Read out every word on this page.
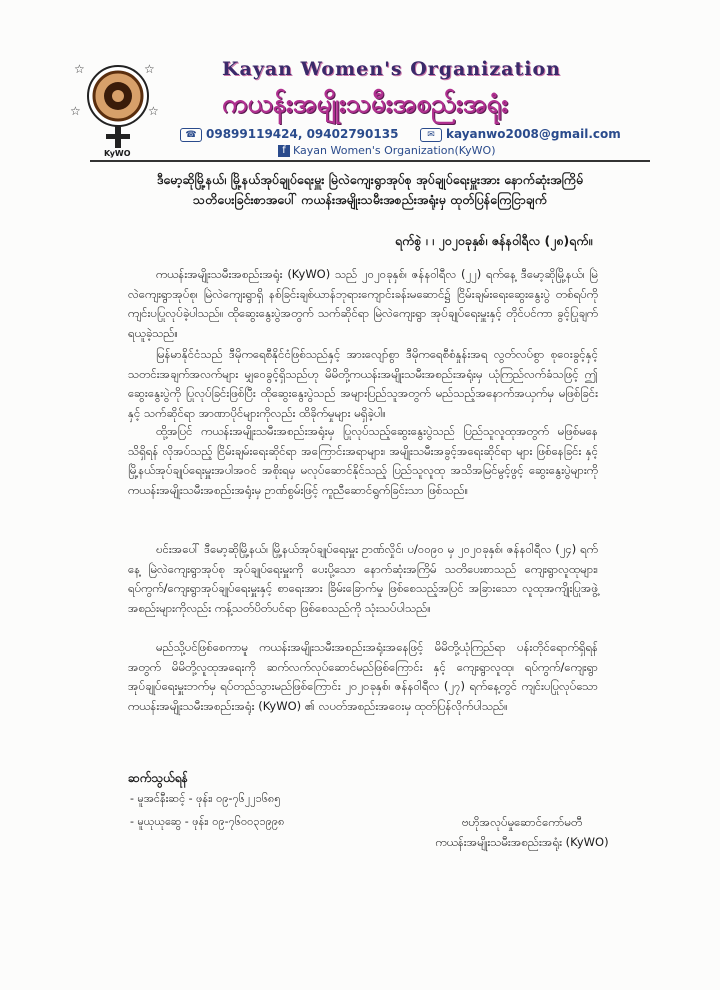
☆	☆
☆	☆
KyWO
Kayan Women's Organization
ကယန်းအမျိုးသမီးအစည်းအရုံး
☎ 09899119424, 09402790135	✉ kayanwo2008@gmail.com
f Kayan Women's Organization(KyWO)
ဒီမော့ဆိုမြို့နယ်၊ မြို့နယ်အုပ်ချုပ်ရေးမှူး မြဲလဲကျေးရွာအုပ်စု အုပ်ချုပ်ရေးမှူးအား နောက်ဆုံးအကြိမ်
သတိပေးခြင်းစာအပေါ် ကယန်းအမျိုးသမီးအစည်းအရုံးမှ ထုတ်ပြန်ကြေငြာချက်
ရက်စွဲ ၊ ၊ ၂၀၂၀ခုနှစ်၊ ဇန်နဝါရီလ (၂၈)ရက်။

ကယန်းအမျိုးသမီးအစည်းအရုံး (KyWO) သည် ၂၀၂၀ခုနှစ်၊ ဇန်နဝါရီလ (၂၂) ရက်နေ့ ဒီမော့ဆိုမြို့နယ်၊ မြဲလဲကျေးရွာအုပ်စု၊ မြဲလဲကျေးရွာရှိ နစ်ခြင်းချစ်ယာန်ဘုရားကျောင်းခန်းမဆောင်၌ ငြိမ်းချမ်းရေးဆွေးနွေးပွဲ တစ်ရပ်ကို ကျင်းပပြုလုပ်ခဲ့ပါသည်။ ထိုဆွေးနွေးပွဲအတွက် သက်ဆိုင်ရာ မြဲလဲကျေးရွာ အုပ်ချုပ်ရေးမှူးနှင့် တိုင်ပင်ကာ ခွင့်ပြုချက်ရယူခဲ့သည်။

မြန်မာနိုင်ငံသည် ဒီမိုကရေစီနိုင်ငံဖြစ်သည်နှင့် အားလျော်စွာ ဒီမိုကရေစီစံနှုန်းအရ လွတ်လပ်စွာ စုဝေးခွင့်နှင့် သတင်းအချက်အလက်များ မျှဝေခွင့်ရှိသည်ဟု မိမိတို့ကယန်းအမျိုးသမီးအစည်းအရုံးမှ ယုံကြည်လက်ခံသဖြင့် ဤဆွေးနွေးပွဲကို ပြုလုပ်ခြင်းဖြစ်ပြီး ထိုဆွေးနွေးပွဲသည် အများပြည်သူအတွက် မည်သည့်အနောက်အယှက်မှ မဖြစ်ခြင်း နှင့် သက်ဆိုင်ရာ အာဏာပိုင်များကိုလည်း ထိခိုက်မှုများ မရှိခဲ့ပါ။

ထို့အပြင် ကယန်းအမျိုးသမီးအစည်းအရုံးမှ ပြုလုပ်သည့်ဆွေးနွေးပွဲသည် ပြည်သူလူထုအတွက် မဖြစ်မနေ သိရှိရန် လိုအပ်သည့် ငြိမ်းချမ်းရေးဆိုင်ရာ အကြောင်းအရာများ၊ အမျိုးသမီးအခွင့်အရေးဆိုင်ရာ များ ဖြစ်နေခြင်း နှင့် မြို့နယ်အုပ်ချုပ်ရေးမှူးအပါအဝင် အစိုးရမှ မလုပ်ဆောင်နိုင်သည့် ပြည်သူလူထု အသိအမြင်မွင့်ဖွင့် ဆွေးနွေးပွဲများကို ကယန်းအမျိုးသမီးအစည်းအရုံးမှ ဥာဏ်စွမ်းဖြင့် ကူညီဆောင်ရွက်ခြင်းသာ ဖြစ်သည်။

ဎင်းအပေါ် ဒီမော့ဆိုမြို့နယ်၊ မြို့နယ်အုပ်ချုပ်ရေးမှူး ဥာဏ်လှိုင်၊ ပ/၀၀၉၀ မှ ၂၀၂၀ခုနှစ်၊ ဇန်နဝါရီလ (၂၄) ရက်နေ့ မြဲလဲကျေးရွာအုပ်စု အုပ်ချုပ်ရေးမှူးကို ပေးပို့သော နောက်ဆုံးအကြိမ် သတိပေးစာသည် ကျေးရွာလူထုများ၊ ရပ်ကွက်/ကျေးရွာအုပ်ချုပ်ရေးမှူးနှင့် စာရေးအား ခြိမ်းခြောက်မှု ဖြစ်စေသည့်အပြင် အခြားသော လူထုအကျိုးပြုအဖွဲ့အစည်းများကိုလည်း ကန့်သတ်ပိတ်ပင်ရာ ဖြစ်စေသည်ကို သုံးသပ်ပါသည်။

မည်သို့ပင်ဖြစ်စေကာမူ ကယန်းအမျိုးသမီးအစည်းအရုံးအနေဖြင့် မိမိတို့ယုံကြည်ရာ ပန်းတိုင်ရောက်ရှိရန်အတွက် မိမိတို့လူထုအရေးကို ဆက်လက်လုပ်ဆောင်မည်ဖြစ်ကြောင်း နှင့် ကျေးရွာလူထု၊ ရပ်ကွက်/ကျေးရွာ အုပ်ချုပ်ရေးမှူးဘက်မှ ရပ်တည်သွားမည်ဖြစ်ကြောင်း ၂၀၂၀ခုနှစ်၊ ဇန်နဝါရီလ (၂၇) ရက်နေ့တွင် ကျင်းပပြုလုပ်သော ကယန်းအမျိုးသမီးအစည်းအရုံး (KyWO) ၏ လပတ်အစည်းအဝေးမှ ထုတ်ပြန်လိုက်ပါသည်။

ဆက်သွယ်ရန်
- မူအင်နီးဆင့် - ဖုန်း၊ ၀၉-၇၆၂၂၁၆၈၅
- မူယုယုဆွေ - ဖုန်း၊ ၀၉-၇၆၀၀၃၁၉၉၈	ဗဟိုအလုပ်မှုဆောင်ကော်မတီ
ကယန်းအမျိုးသမီးအစည်းအရုံး (KyWO)
